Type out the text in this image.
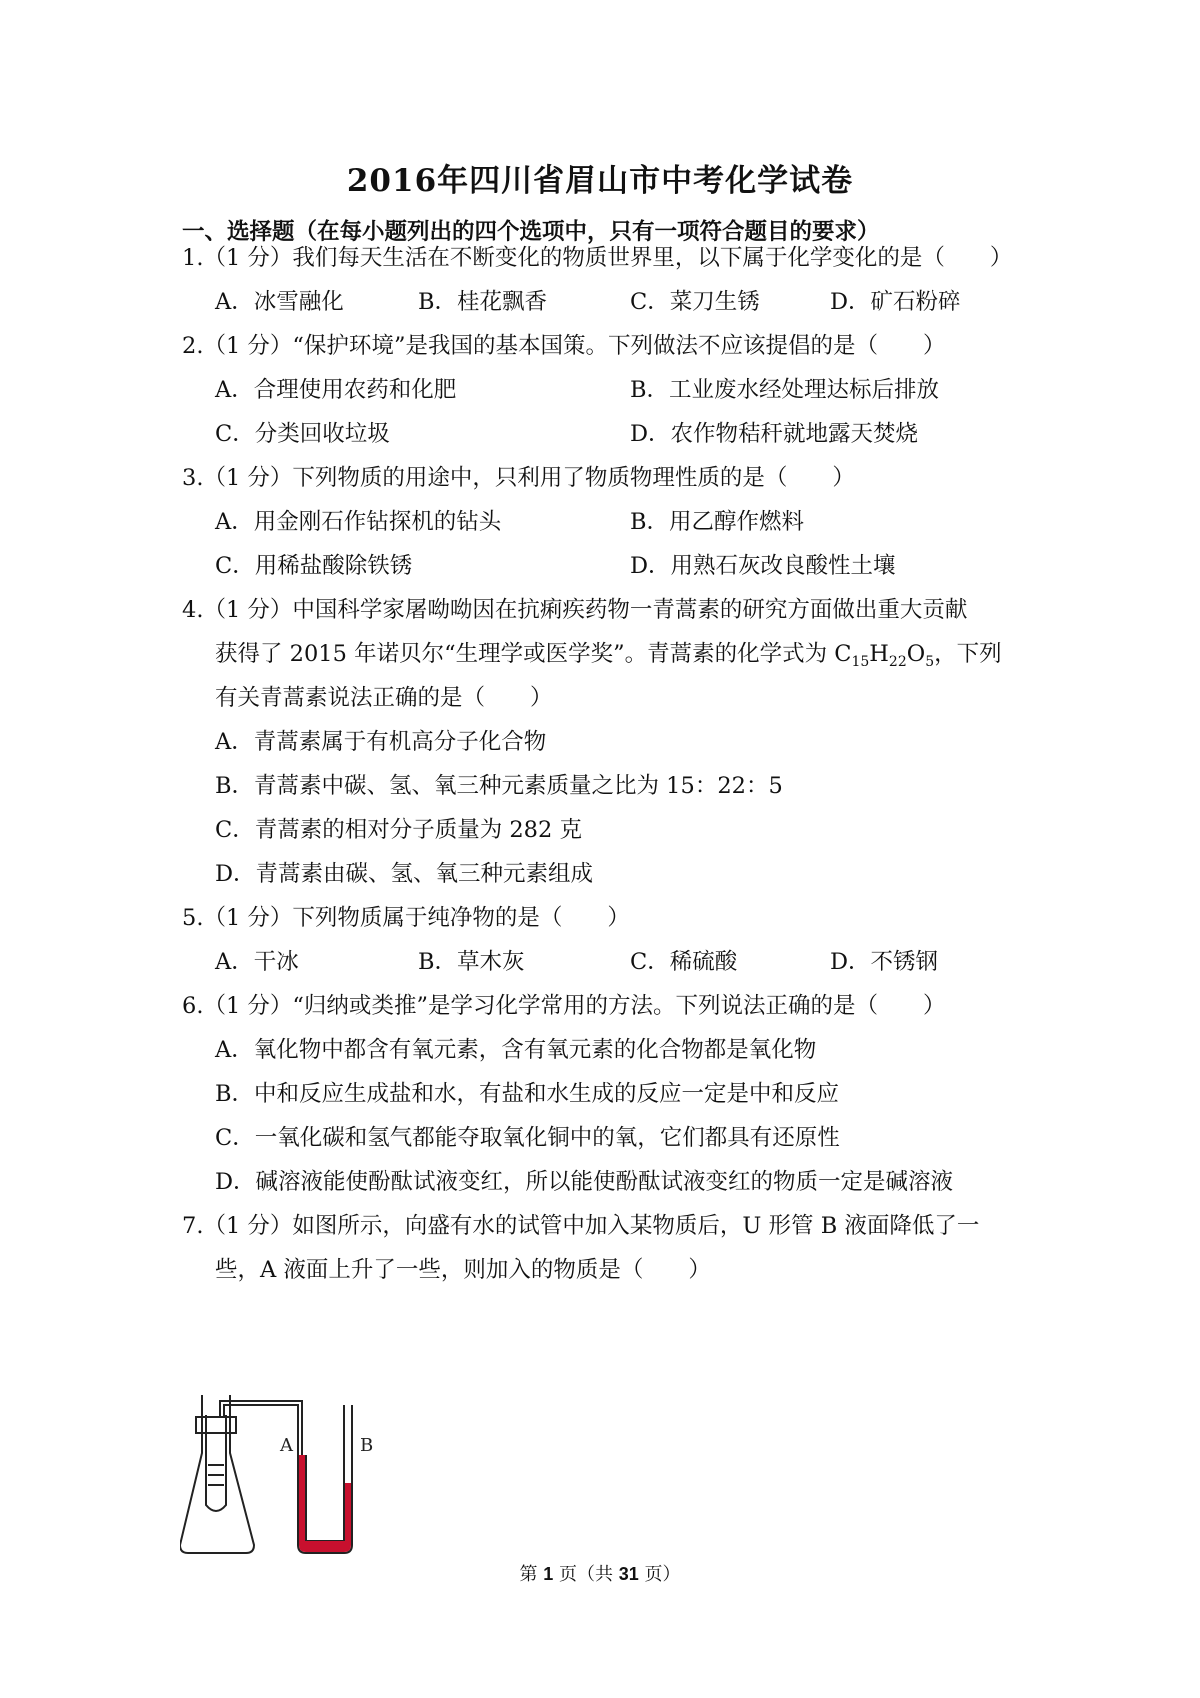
2016年四川省眉山市中考化学试卷
一、选择题（在每小题列出的四个选项中，只有一项符合题目的要求）
1.（1 分）我们每天生活在不断变化的物质世界里，以下属于化学变化的是（　　）
A．冰雪融化	B．桂花飘香	C．菜刀生锈	D．矿石粉碎
2.（1 分）“保护环境”是我国的基本国策。下列做法不应该提倡的是（　　）
A．合理使用农药和化肥	B．工业废水经处理达标后排放
C．分类回收垃圾	D．农作物秸秆就地露天焚烧
3.（1 分）下列物质的用途中，只利用了物质物理性质的是（　　）
A．用金刚石作钻探机的钻头	B．用乙醇作燃料
C．用稀盐酸除铁锈	D．用熟石灰改良酸性土壤
4.（1 分）中国科学家屠呦呦因在抗痢疾药物一青蒿素的研究方面做出重大贡献
获得了 2015 年诺贝尔“生理学或医学奖”。青蒿素的化学式为 $C_{15}H_{22}O_5$，下列
有关青蒿素说法正确的是（　　）
A．青蒿素属于有机高分子化合物
B．青蒿素中碳、氢、氧三种元素质量之比为 15：22：5
C．青蒿素的相对分子质量为 282 克
D．青蒿素由碳、氢、氧三种元素组成
5.（1 分）下列物质属于纯净物的是（　　）
A．干冰	B．草木灰	C．稀硫酸	D．不锈钢
6.（1 分）“归纳或类推”是学习化学常用的方法。下列说法正确的是（　　）
A．氧化物中都含有氧元素，含有氧元素的化合物都是氧化物
B．中和反应生成盐和水，有盐和水生成的反应一定是中和反应
C．一氧化碳和氢气都能夺取氧化铜中的氧，它们都具有还原性
D．碱溶液能使酚酞试液变红，所以能使酚酞试液变红的物质一定是碱溶液
7.（1 分）如图所示，向盛有水的试管中加入某物质后，U 形管 B 液面降低了一
些，A 液面上升了一些，则加入的物质是（　　）
A	B
第 1 页（共 31 页）
